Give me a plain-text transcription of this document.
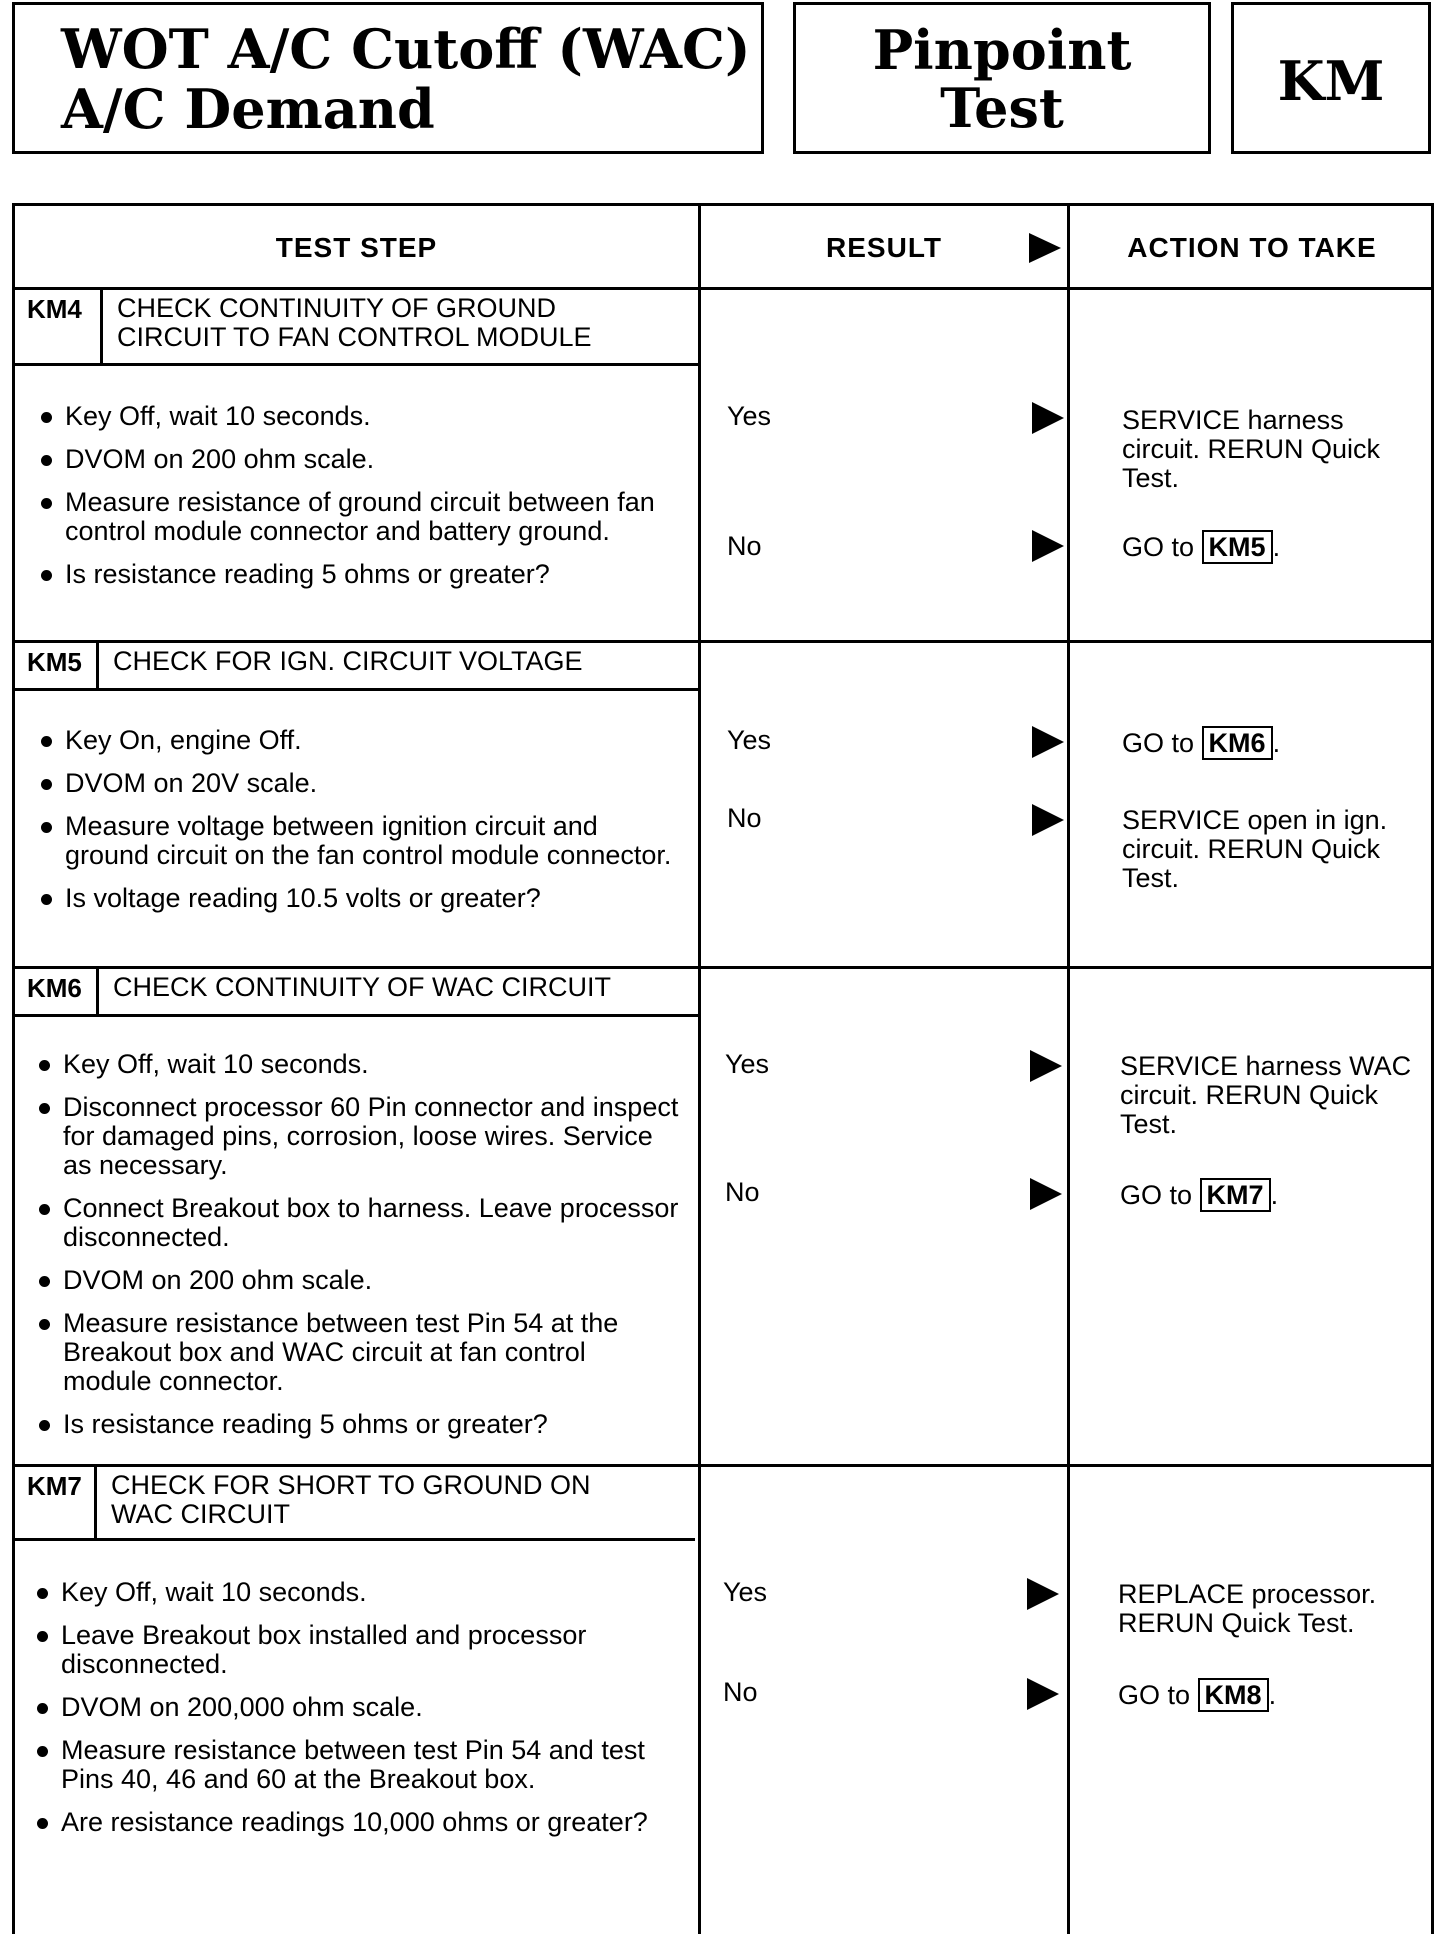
WOT A/C Cutoff (WAC)
A/C Demand
Pinpoint
Test	KM
TEST STEP	RESULT	ACTION TO TAKE
KM4	CHECK CONTINUITY OF GROUND CIRCUIT TO FAN CONTROL MODULE
Key Off, wait 10 seconds.
DVOM on 200 ohm scale.
Measure resistance of ground circuit between fan control module connector and battery ground.
Is resistance reading 5 ohms or greater?
Yes	SERVICE harness circuit. RERUN Quick Test.
No	GO to KM5 .
KM5	CHECK FOR IGN. CIRCUIT VOLTAGE
Key On, engine Off.
DVOM on 20V scale.
Measure voltage between ignition circuit and ground circuit on the fan control module connector.
Is voltage reading 10.5 volts or greater?
Yes	GO to KM6 .
No	SERVICE open in ign. circuit. RERUN Quick Test.
KM6	CHECK CONTINUITY OF WAC CIRCUIT
Key Off, wait 10 seconds.
Disconnect processor 60 Pin connector and inspect for damaged pins, corrosion, loose wires. Service as necessary.
Connect Breakout box to harness. Leave processor disconnected.
DVOM on 200 ohm scale.
Measure resistance between test Pin 54 at the Breakout box and WAC circuit at fan control module connector.
Is resistance reading 5 ohms or greater?
Yes	SERVICE harness WAC circuit. RERUN Quick Test.
No	GO to KM7 .
KM7	CHECK FOR SHORT TO GROUND ON WAC CIRCUIT
Key Off, wait 10 seconds.
Leave Breakout box installed and processor disconnected.
DVOM on 200,000 ohm scale.
Measure resistance between test Pin 54 and test Pins 40, 46 and 60 at the Breakout box.
Are resistance readings 10,000 ohms or greater?
Yes	REPLACE processor. RERUN Quick Test.
No	GO to KM8 .
